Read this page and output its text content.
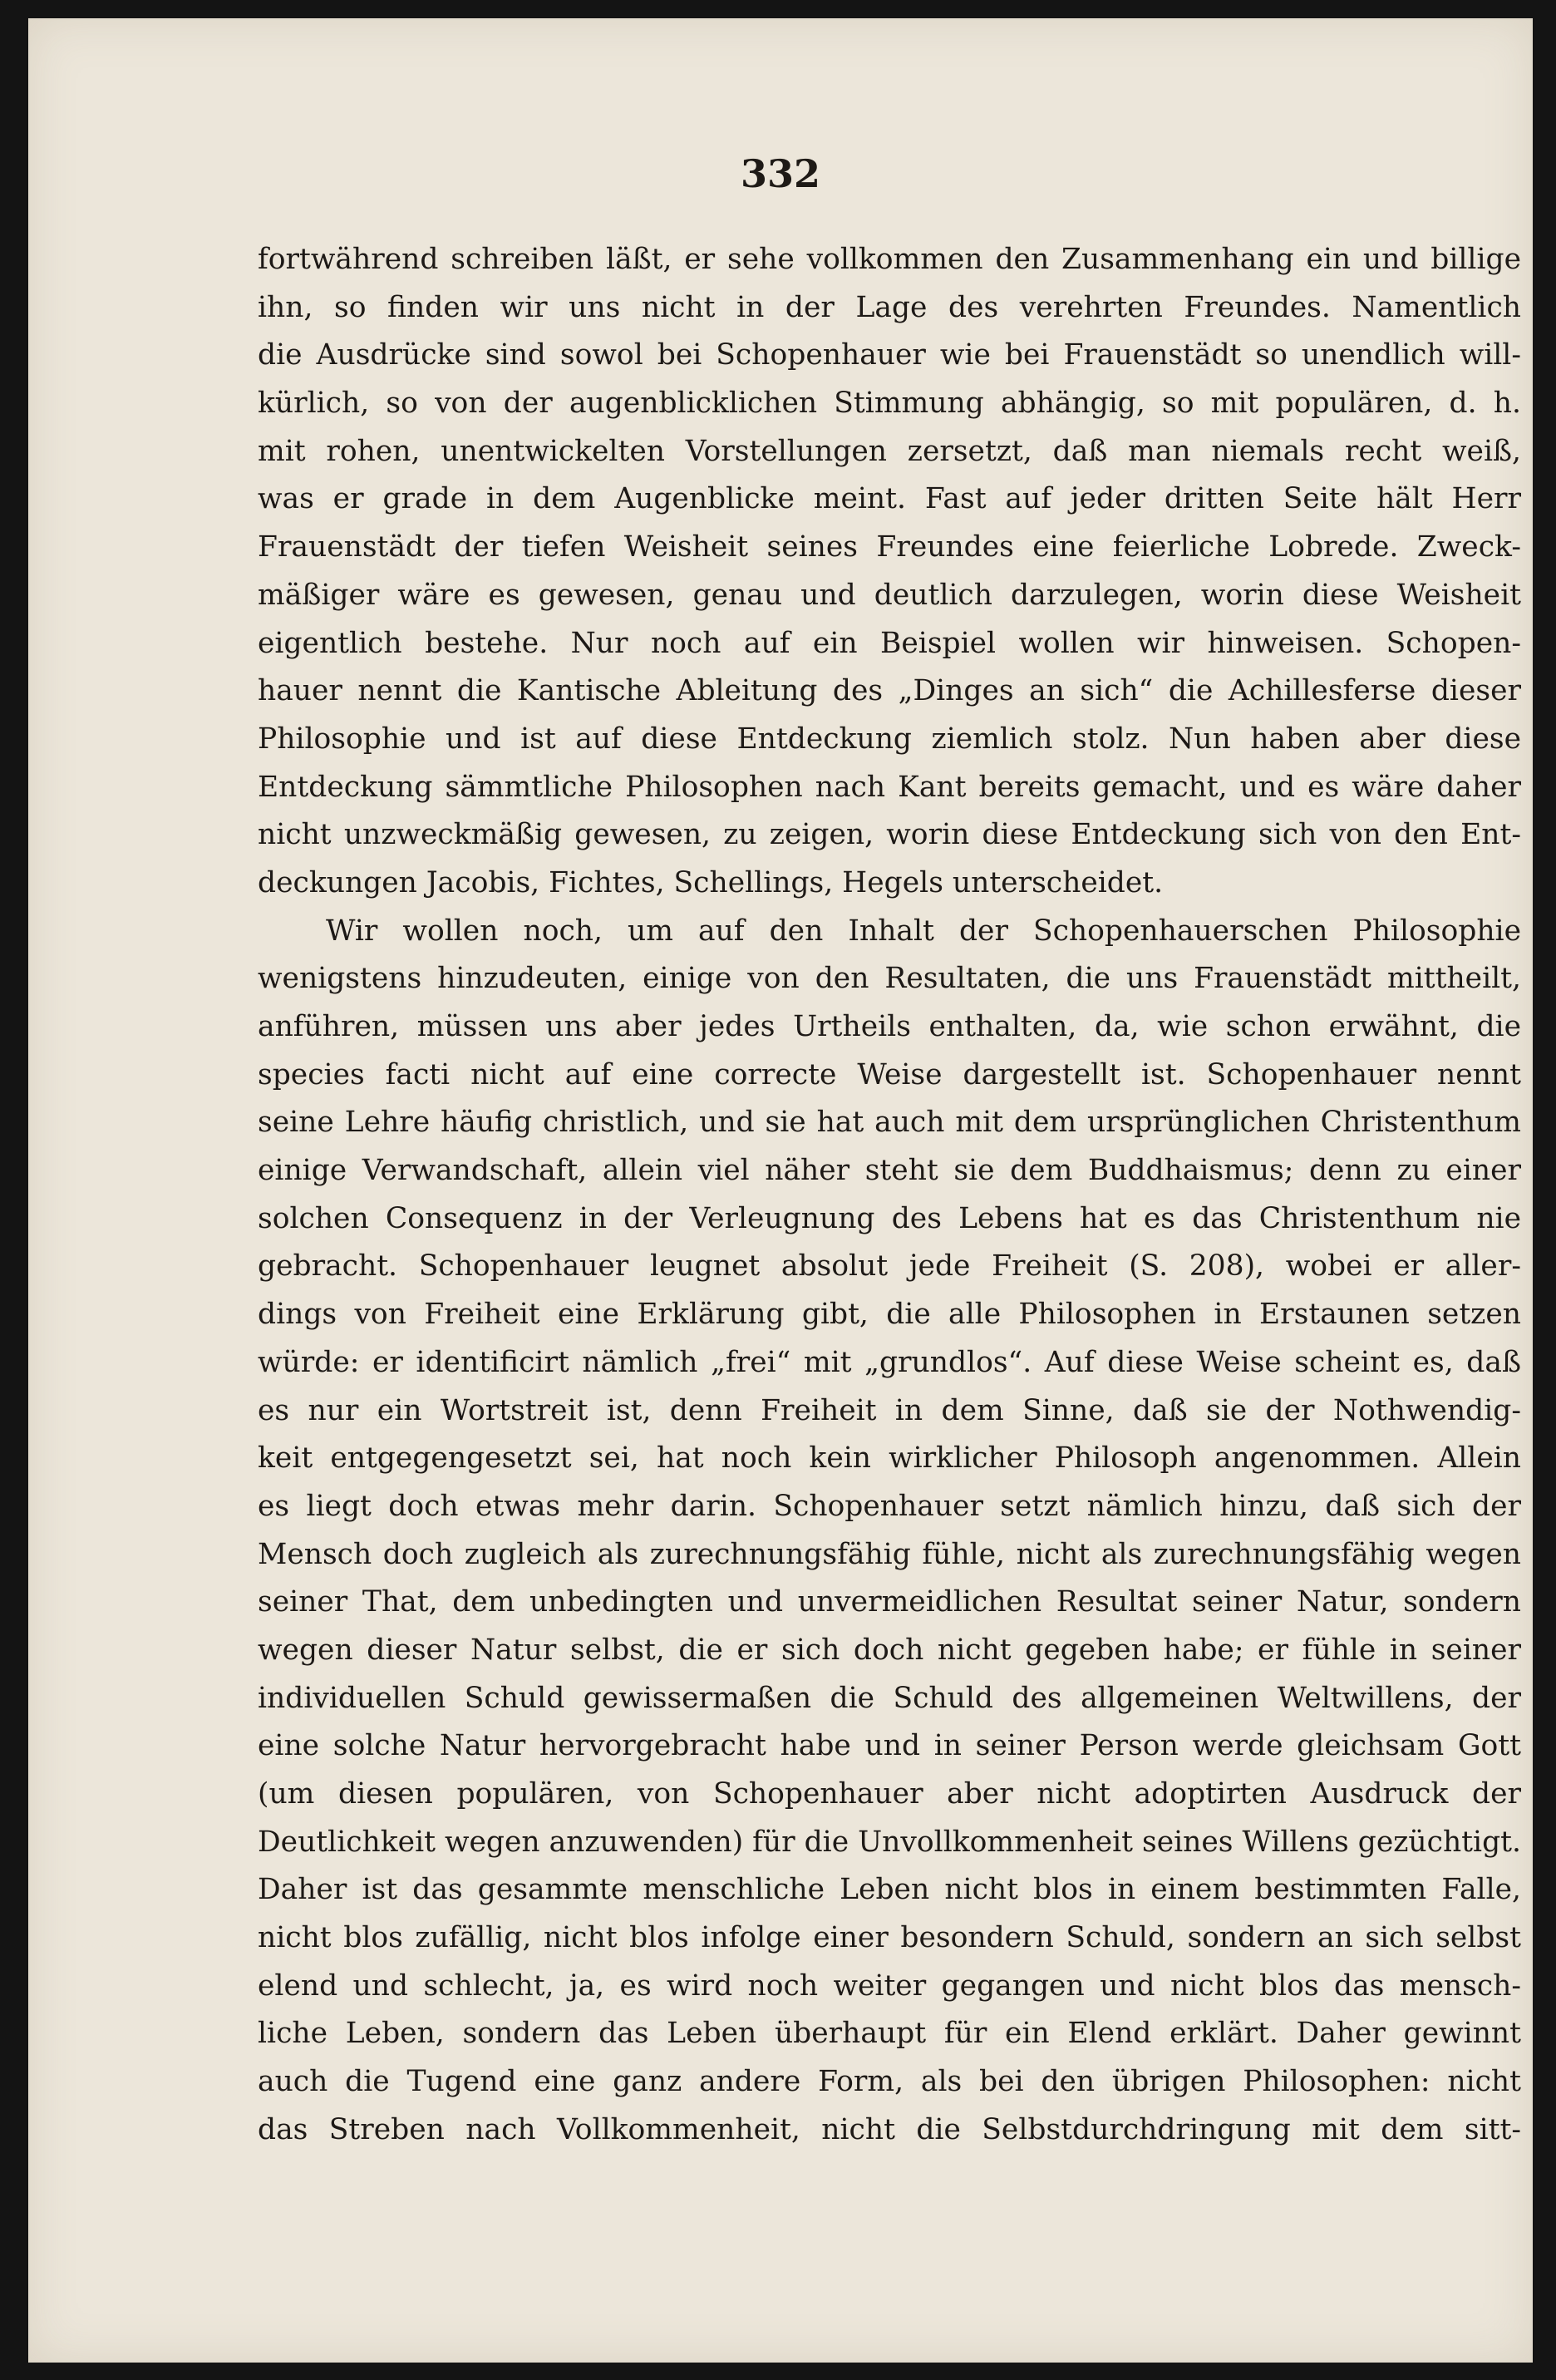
332
fortwährend schreiben läßt, er sehe vollkommen den Zusammenhang ein und billige
ihn, so finden wir uns nicht in der Lage des verehrten Freundes. Namentlich
die Ausdrücke sind sowol bei Schopenhauer wie bei Frauenstädt so unendlich will-
kürlich, so von der augenblicklichen Stimmung abhängig, so mit populären, d. h.
mit rohen, unentwickelten Vorstellungen zersetzt, daß man niemals recht weiß,
was er grade in dem Augenblicke meint. Fast auf jeder dritten Seite hält Herr
Frauenstädt der tiefen Weisheit seines Freundes eine feierliche Lobrede. Zweck-
mäßiger wäre es gewesen, genau und deutlich darzulegen, worin diese Weisheit
eigentlich bestehe. Nur noch auf ein Beispiel wollen wir hinweisen. Schopen-
hauer nennt die Kantische Ableitung des „Dinges an sich“ die Achillesferse dieser
Philosophie und ist auf diese Entdeckung ziemlich stolz. Nun haben aber diese
Entdeckung sämmtliche Philosophen nach Kant bereits gemacht, und es wäre daher
nicht unzweckmäßig gewesen, zu zeigen, worin diese Entdeckung sich von den Ent-
deckungen Jacobis, Fichtes, Schellings, Hegels unterscheidet.
Wir wollen noch, um auf den Inhalt der Schopenhauerschen Philosophie
wenigstens hinzudeuten, einige von den Resultaten, die uns Frauenstädt mittheilt,
anführen, müssen uns aber jedes Urtheils enthalten, da, wie schon erwähnt, die
species facti nicht auf eine correcte Weise dargestellt ist. Schopenhauer nennt
seine Lehre häufig christlich, und sie hat auch mit dem ursprünglichen Christenthum
einige Verwandschaft, allein viel näher steht sie dem Buddhaismus; denn zu einer
solchen Consequenz in der Verleugnung des Lebens hat es das Christenthum nie
gebracht. Schopenhauer leugnet absolut jede Freiheit (S. 208), wobei er aller-
dings von Freiheit eine Erklärung gibt, die alle Philosophen in Erstaunen setzen
würde: er identificirt nämlich „frei“ mit „grundlos“. Auf diese Weise scheint es, daß
es nur ein Wortstreit ist, denn Freiheit in dem Sinne, daß sie der Nothwendig-
keit entgegengesetzt sei, hat noch kein wirklicher Philosoph angenommen. Allein
es liegt doch etwas mehr darin. Schopenhauer setzt nämlich hinzu, daß sich der
Mensch doch zugleich als zurechnungsfähig fühle, nicht als zurechnungsfähig wegen
seiner That, dem unbedingten und unvermeidlichen Resultat seiner Natur, sondern
wegen dieser Natur selbst, die er sich doch nicht gegeben habe; er fühle in seiner
individuellen Schuld gewissermaßen die Schuld des allgemeinen Weltwillens, der
eine solche Natur hervorgebracht habe und in seiner Person werde gleichsam Gott
(um diesen populären, von Schopenhauer aber nicht adoptirten Ausdruck der
Deutlichkeit wegen anzuwenden) für die Unvollkommenheit seines Willens gezüchtigt.
Daher ist das gesammte menschliche Leben nicht blos in einem bestimmten Falle,
nicht blos zufällig, nicht blos infolge einer besondern Schuld, sondern an sich selbst
elend und schlecht, ja, es wird noch weiter gegangen und nicht blos das mensch-
liche Leben, sondern das Leben überhaupt für ein Elend erklärt. Daher gewinnt
auch die Tugend eine ganz andere Form, als bei den übrigen Philosophen: nicht
das Streben nach Vollkommenheit, nicht die Selbstdurchdringung mit dem sitt-
